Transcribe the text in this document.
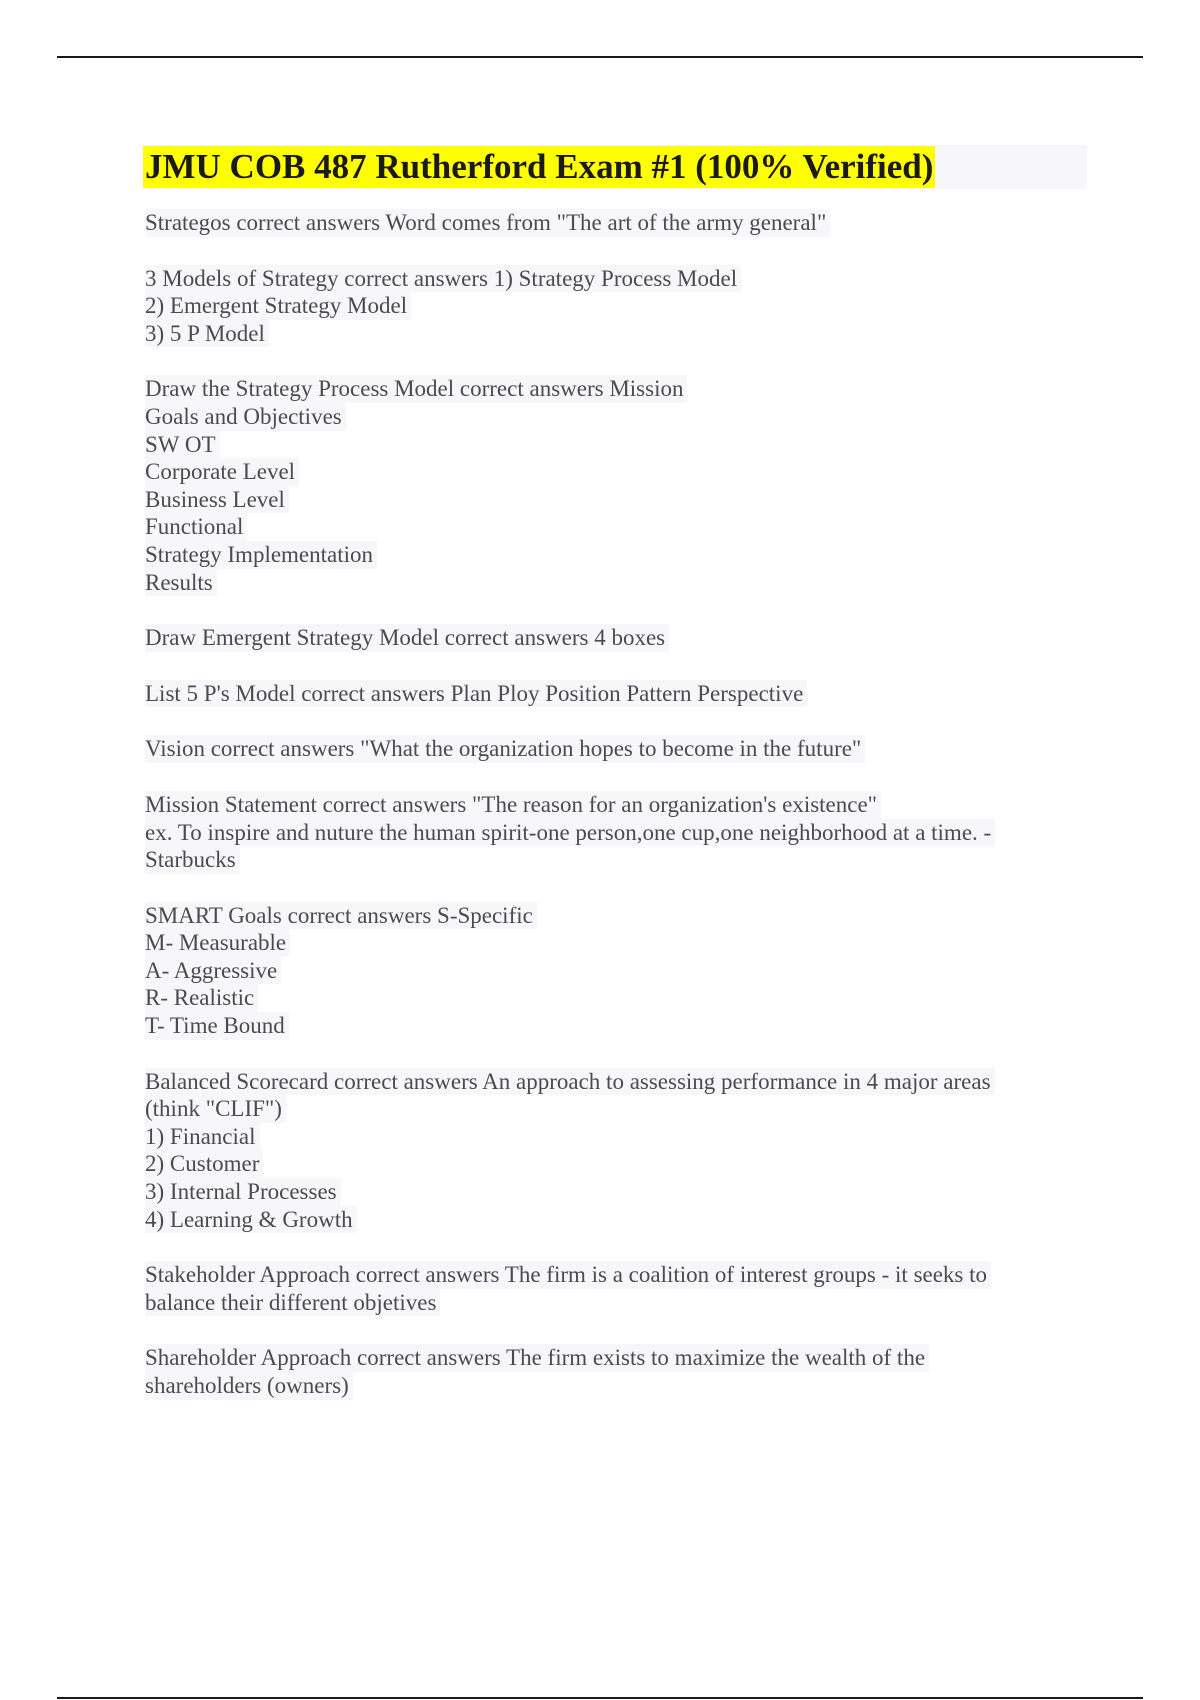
JMU COB 487 Rutherford Exam #1 (100% Verified)
Strategos correct answers Word comes from "The art of the army general"
3 Models of Strategy correct answers 1) Strategy Process Model
2) Emergent Strategy Model
3) 5 P Model
Draw the Strategy Process Model correct answers Mission
Goals and Objectives
SW OT
Corporate Level
Business Level
Functional
Strategy Implementation
Results
Draw Emergent Strategy Model correct answers 4 boxes
List 5 P's Model correct answers Plan Ploy Position Pattern Perspective
Vision correct answers "What the organization hopes to become in the future"
Mission Statement correct answers "The reason for an organization's existence"
ex. To inspire and nuture the human spirit-one person,one cup,one neighborhood at a time. -
Starbucks
SMART Goals correct answers S-Specific
M- Measurable
A- Aggressive
R- Realistic
T- Time Bound
Balanced Scorecard correct answers An approach to assessing performance in 4 major areas
(think "CLIF")
1) Financial
2) Customer
3) Internal Processes
4) Learning & Growth
Stakeholder Approach correct answers The firm is a coalition of interest groups - it seeks to
balance their different objetives
Shareholder Approach correct answers The firm exists to maximize the wealth of the
shareholders (owners)
